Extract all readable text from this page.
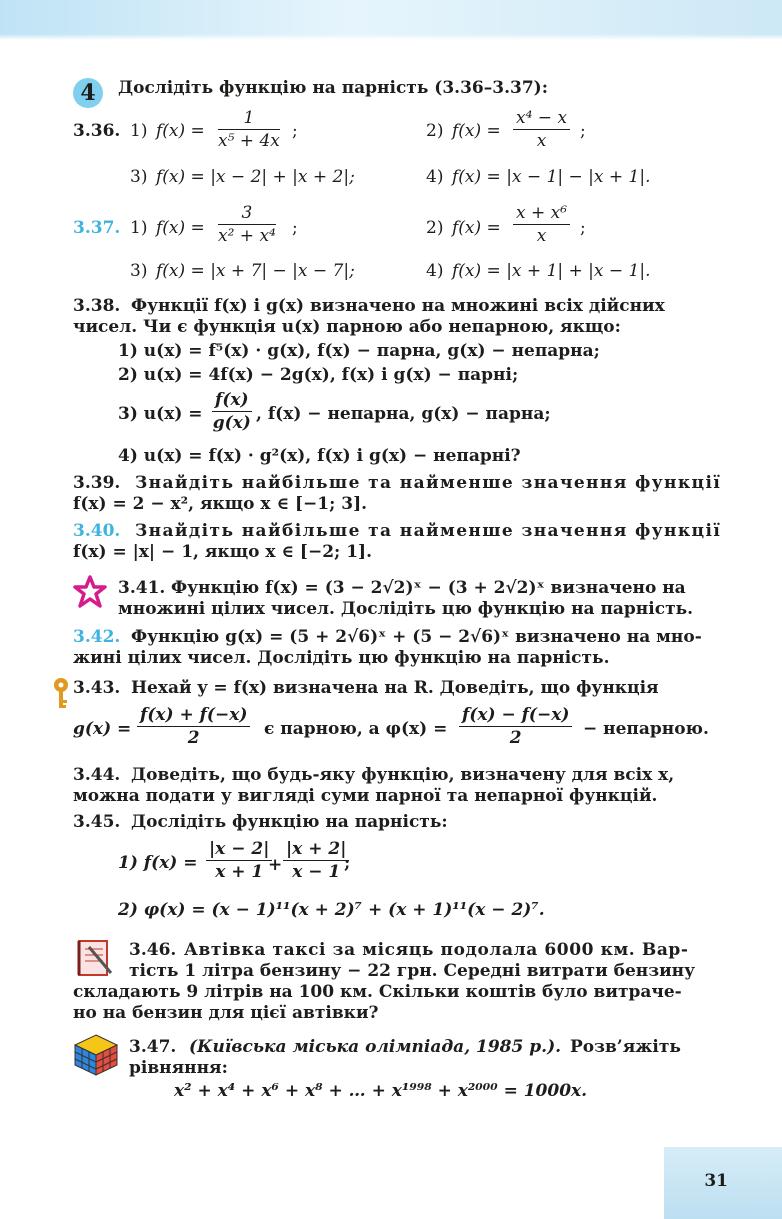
4	Дослідіть функцію на парність (3.36–3.37):
3.36. 1) $f(x) = \frac{1}{\text{x⁵ + 4x}}$ ;	2) $f(x) = \frac{\text{x⁴ − x}}{x}$ ;
3) f(x) = |x − 2| + |x + 2|;	4) f(x) = |x − 1| − |x + 1|.
3.37. 1) $f(x) = \frac{3}{\text{x² + x⁴}}$ ;	2) $f(x) = \frac{\text{x + x⁶}}{x}$ ;
3) f(x) = |x + 7| − |x − 7|;	4) f(x) = |x + 1| + |x − 1|.
3.38. Функції f(x) і g(x) визначено на множині всіх дійсних
чисел. Чи є функція u(x) парною або непарною, якщо:
1) u(x) = f⁵(x) · g(x), f(x) − парна, g(x) − непарна;
2) u(x) = 4f(x) − 2g(x), f(x) і g(x) − парні;
3) $u(x) = \frac{f(x)}{g(x)}$ , f(x) − непарна, g(x) − парна;
4) u(x) = f(x) · g²(x), f(x) і g(x) − непарні?
3.39. Знайдіть найбільше та найменше значення функції
f(x) = 2 − x², якщо x ∈ [−1; 3].
3.40. Знайдіть найбільше та найменше значення функції
f(x) = |x| − 1, якщо x ∈ [−2; 1].
3.41. Функцію f(x) = (3 − 2√2)ˣ − (3 + 2√2)ˣ визначено на
множині цілих чисел. Дослідіть цю функцію на парність.
3.42. Функцію g(x) = (5 + 2√6)ˣ + (5 − 2√6)ˣ визначено на мно-
жині цілих чисел. Дослідіть цю функцію на парність.
3.43. Нехай y = f(x) визначена на R. Доведіть, що функція
$g(x) = \frac{f(x) + f(-x)}{2}$ є парною, а $\varphi(x) = \frac{f(x) - f(-x)}{2}$ − непарною.
3.44. Доведіть, що будь-яку функцію, визначену для всіх x,
можна подати у вигляді суми парної та непарної функцій.
3.45. Дослідіть функцію на парність:
1) $f(x) = \frac{|x - 2|}{x + 1}$
+ $\frac{|x + 2|}{x - 1}$
;
2) φ(x) = (x − 1)¹¹(x + 2)⁷ + (x + 1)¹¹(x − 2)⁷.
3.46. Автівка таксі за місяць подолала 6000 км. Вар-
тість 1 літра бензину − 22 грн. Середні витрати бензину
складають 9 літрів на 100 км. Скільки коштів було витраче-
но на бензин для цієї автівки?
3.47. (Київська міська олімпіада, 1985 р.). Розв’яжіть
рівняння:
x² + x⁴ + x⁶ + x⁸ + … + x¹⁹⁹⁸ + x²⁰⁰⁰ = 1000x.
31
